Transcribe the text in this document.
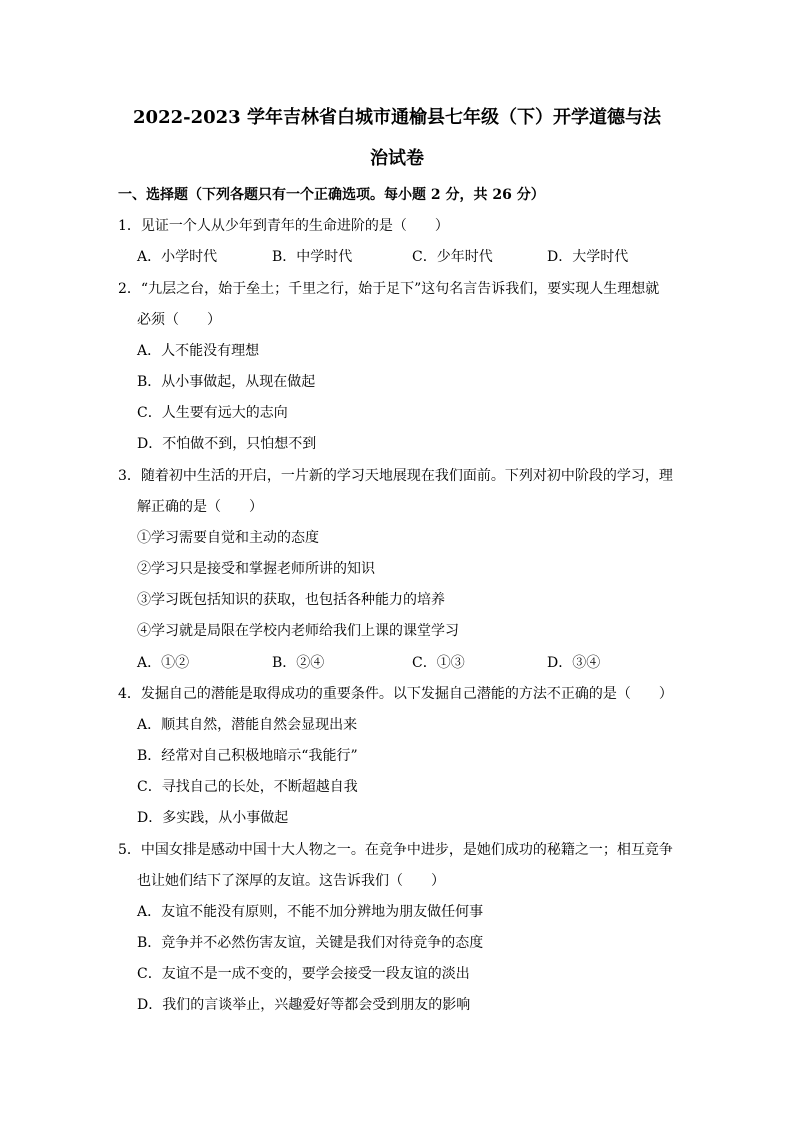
2022-2023 学年吉林省白城市通榆县七年级（下）开学道德与法
治试卷
一、选择题（下列各题只有一个正确选项。每小题 2 分，共 26 分）
1．见证一个人从少年到青年的生命进阶的是（　　）
A．小学时代	B．中学时代	C．少年时代	D．大学时代
2．“九层之台，始于垒土；千里之行，始于足下”这句名言告诉我们，要实现人生理想就
必须（　　）
A．人不能没有理想
B．从小事做起，从现在做起
C．人生要有远大的志向
D．不怕做不到，只怕想不到
3．随着初中生活的开启，一片新的学习天地展现在我们面前。下列对初中阶段的学习，理
解正确的是（　　）
①学习需要自觉和主动的态度
②学习只是接受和掌握老师所讲的知识
③学习既包括知识的获取，也包括各种能力的培养
④学习就是局限在学校内老师给我们上课的课堂学习
A．①②	B．②④	C．①③	D．③④
4．发掘自己的潜能是取得成功的重要条件。以下发掘自己潜能的方法不正确的是（　　）
A．顺其自然，潜能自然会显现出来
B．经常对自己积极地暗示“我能行”
C．寻找自己的长处，不断超越自我
D．多实践，从小事做起
5．中国女排是感动中国十大人物之一。在竞争中进步，是她们成功的秘籍之一；相互竞争
也让她们结下了深厚的友谊。这告诉我们（　　）
A．友谊不能没有原则，不能不加分辨地为朋友做任何事
B．竞争并不必然伤害友谊，关键是我们对待竞争的态度
C．友谊不是一成不变的，要学会接受一段友谊的淡出
D．我们的言谈举止，兴趣爱好等都会受到朋友的影响
